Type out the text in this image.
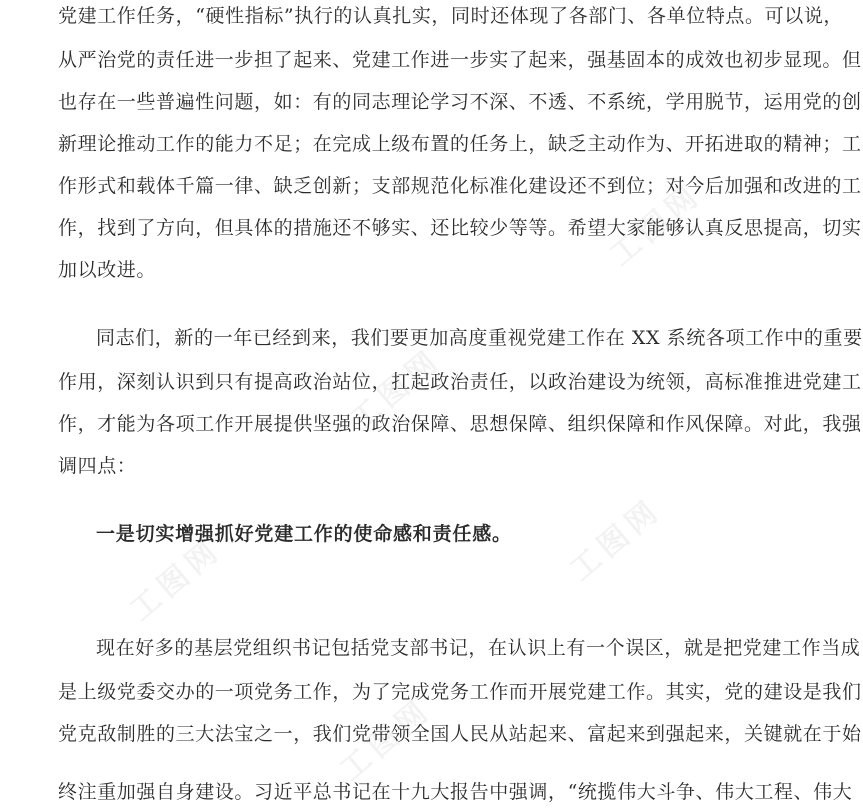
工图网
工图网
工图网	工图网
工图网
党建工作任务，“硬性指标”执行的认真扎实，同时还体现了各部门、各单位特点。可以说，
从严治党的责任进一步担了起来、党建工作进一步实了起来，强基固本的成效也初步显现。但
也存在一些普遍性问题，如：有的同志理论学习不深、不透、不系统，学用脱节，运用党的创
新理论推动工作的能力不足；在完成上级布置的任务上，缺乏主动作为、开拓进取的精神；工
作形式和载体千篇一律、缺乏创新；支部规范化标准化建设还不到位；对今后加强和改进的工
作，找到了方向，但具体的措施还不够实、还比较少等等。希望大家能够认真反思提高，切实
加以改进。
同志们，新的一年已经到来，我们要更加高度重视党建工作在 XX 系统各项工作中的重要
作用，深刻认识到只有提高政治站位，扛起政治责任，以政治建设为统领，高标准推进党建工
作，才能为各项工作开展提供坚强的政治保障、思想保障、组织保障和作风保障。对此，我强
调四点：
一是切实增强抓好党建工作的使命感和责任感。
现在好多的基层党组织书记包括党支部书记，在认识上有一个误区，就是把党建工作当成
是上级党委交办的一项党务工作，为了完成党务工作而开展党建工作。其实，党的建设是我们
党克敌制胜的三大法宝之一，我们党带领全国人民从站起来、富起来到强起来，关键就在于始
终注重加强自身建设。习近平总书记在十九大报告中强调，“统揽伟大斗争、伟大工程、伟大
